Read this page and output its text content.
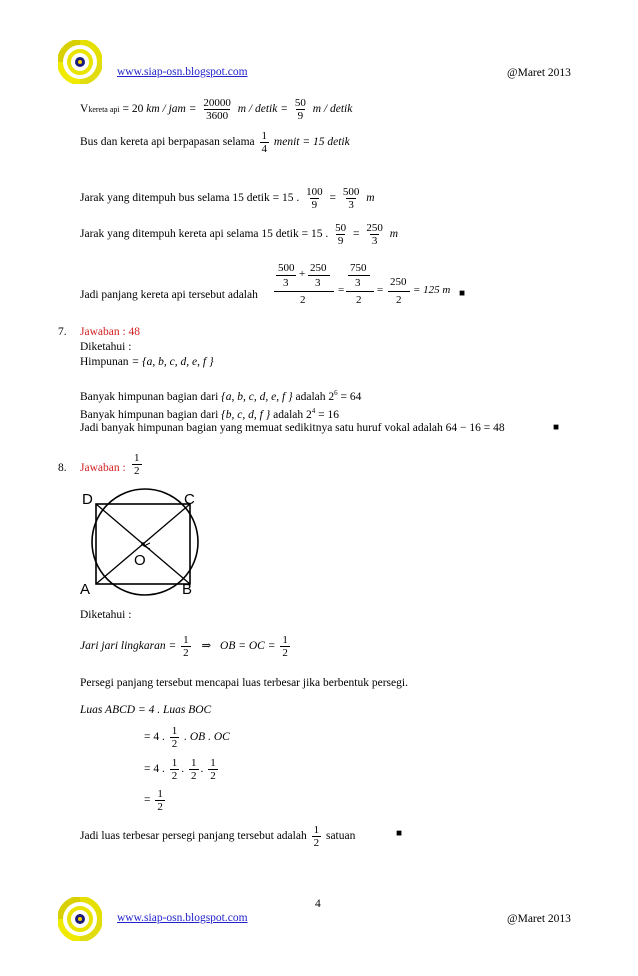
www.siap-osn.blogspot.com	@Maret 2013
Vkereta api = 20 km / jam = $\frac{20000}{3600}$ m / detik = $\frac{50}{9}$ m / detik
Bus dan kereta api berpapasan selama $\frac{1}{4}$ menit = 15 detik
Jarak yang ditempuh bus selama 15 detik = 15 . $\frac{100}{9} = \frac{500}{3}$ m
Jarak yang ditempuh kereta api selama 15 detik = 15 . $\frac{50}{9} = \frac{250}{3}$ m
Jadi panjang kereta api tersebut adalah
500 + 250
3 3
2
=
750
3
2
=
250
2
= 125 m ■
7. Jawaban : 48
Diketahui :
Himpunan = {a, b, c, d, e, f }
Banyak himpunan bagian dari {a, b, c, d, e, f } adalah $2^6 = 64$
Banyak himpunan bagian dari {b, c, d, f } adalah $2^4 = 16$
Jadi banyak himpunan bagian yang memuat sedikitnya satu huruf vokal adalah 64 − 16 = 48	■
8. Jawaban : $\frac{1}{2}$
D	C
A	B
O
Diketahui :
Jari jari lingkaran = $\frac{1}{2}$ ⇒ OB = OC = $\frac{1}{2}$
Persegi panjang tersebut mencapai luas terbesar jika berbentuk persegi.
Luas ABCD = 4 . Luas BOC
= 4 . $\frac{1}{2}$ . OB . OC
= 4 . $\frac{1}{2}$ . $\frac{1}{2}$ . $\frac{1}{2}$
= $\frac{1}{2}$
Jadi luas terbesar persegi panjang tersebut adalah $\frac{1}{2}$ satuan	■
4
www.siap-osn.blogspot.com	@Maret 2013
